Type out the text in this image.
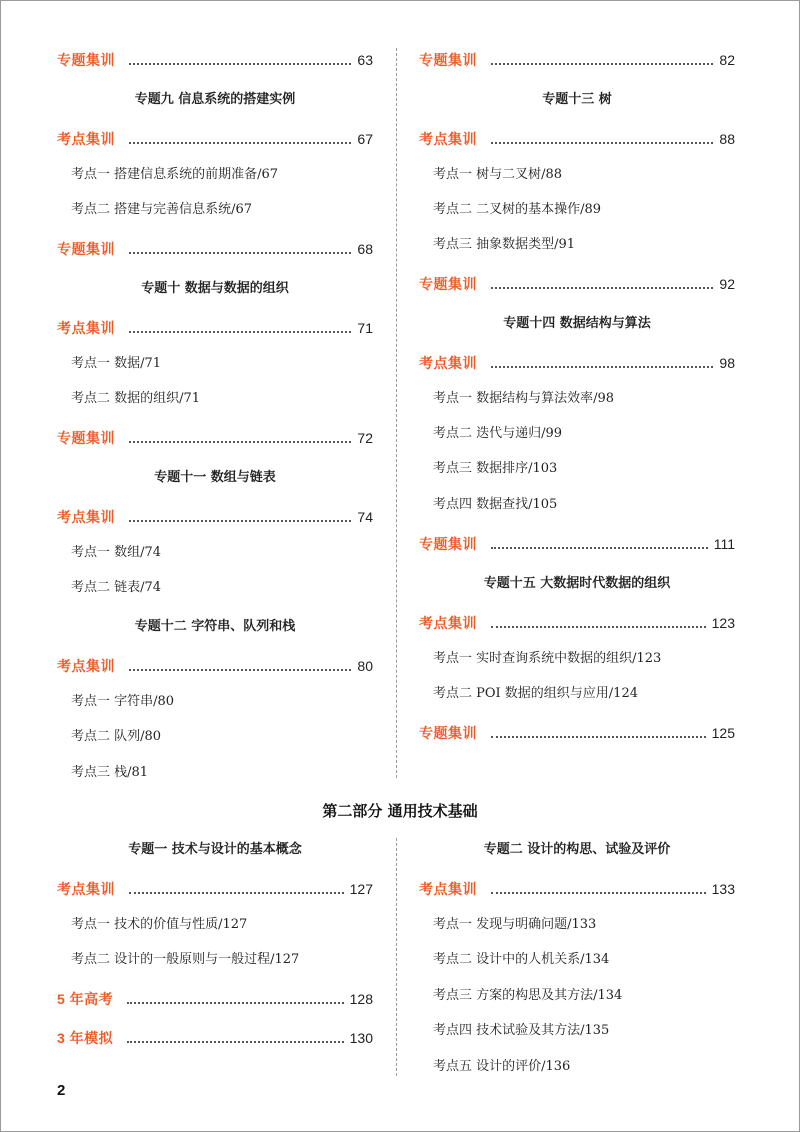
专题集训	63
专题九 信息系统的搭建实例
考点集训	67
考点一 搭建信息系统的前期准备/67
考点二 搭建与完善信息系统/67
专题集训	68
专题十 数据与数据的组织
考点集训	71
考点一 数据/71
考点二 数据的组织/71
专题集训	72
专题十一 数组与链表
考点集训	74
考点一 数组/74
考点二 链表/74
专题十二 字符串、队列和栈
考点集训	80
考点一 字符串/80
考点二 队列/80
考点三 栈/81
专题集训	82
专题十三 树
考点集训	88
考点一 树与二叉树/88
考点二 二叉树的基本操作/89
考点三 抽象数据类型/91
专题集训	92
专题十四 数据结构与算法
考点集训	98
考点一 数据结构与算法效率/98
考点二 迭代与递归/99
考点三 数据排序/103
考点四 数据查找/105
专题集训	111
专题十五 大数据时代数据的组织
考点集训	123
考点一 实时查询系统中数据的组织/123
考点二 POI 数据的组织与应用/124
专题集训	125
第二部分 通用技术基础
专题一 技术与设计的基本概念
考点集训	127
考点一 技术的价值与性质/127
考点二 设计的一般原则与一般过程/127
5 年高考	128
3 年模拟	130
专题二 设计的构思、试验及评价
考点集训	133
考点一 发现与明确问题/133
考点二 设计中的人机关系/134
考点三 方案的构思及其方法/134
考点四 技术试验及其方法/135
考点五 设计的评价/136
2
